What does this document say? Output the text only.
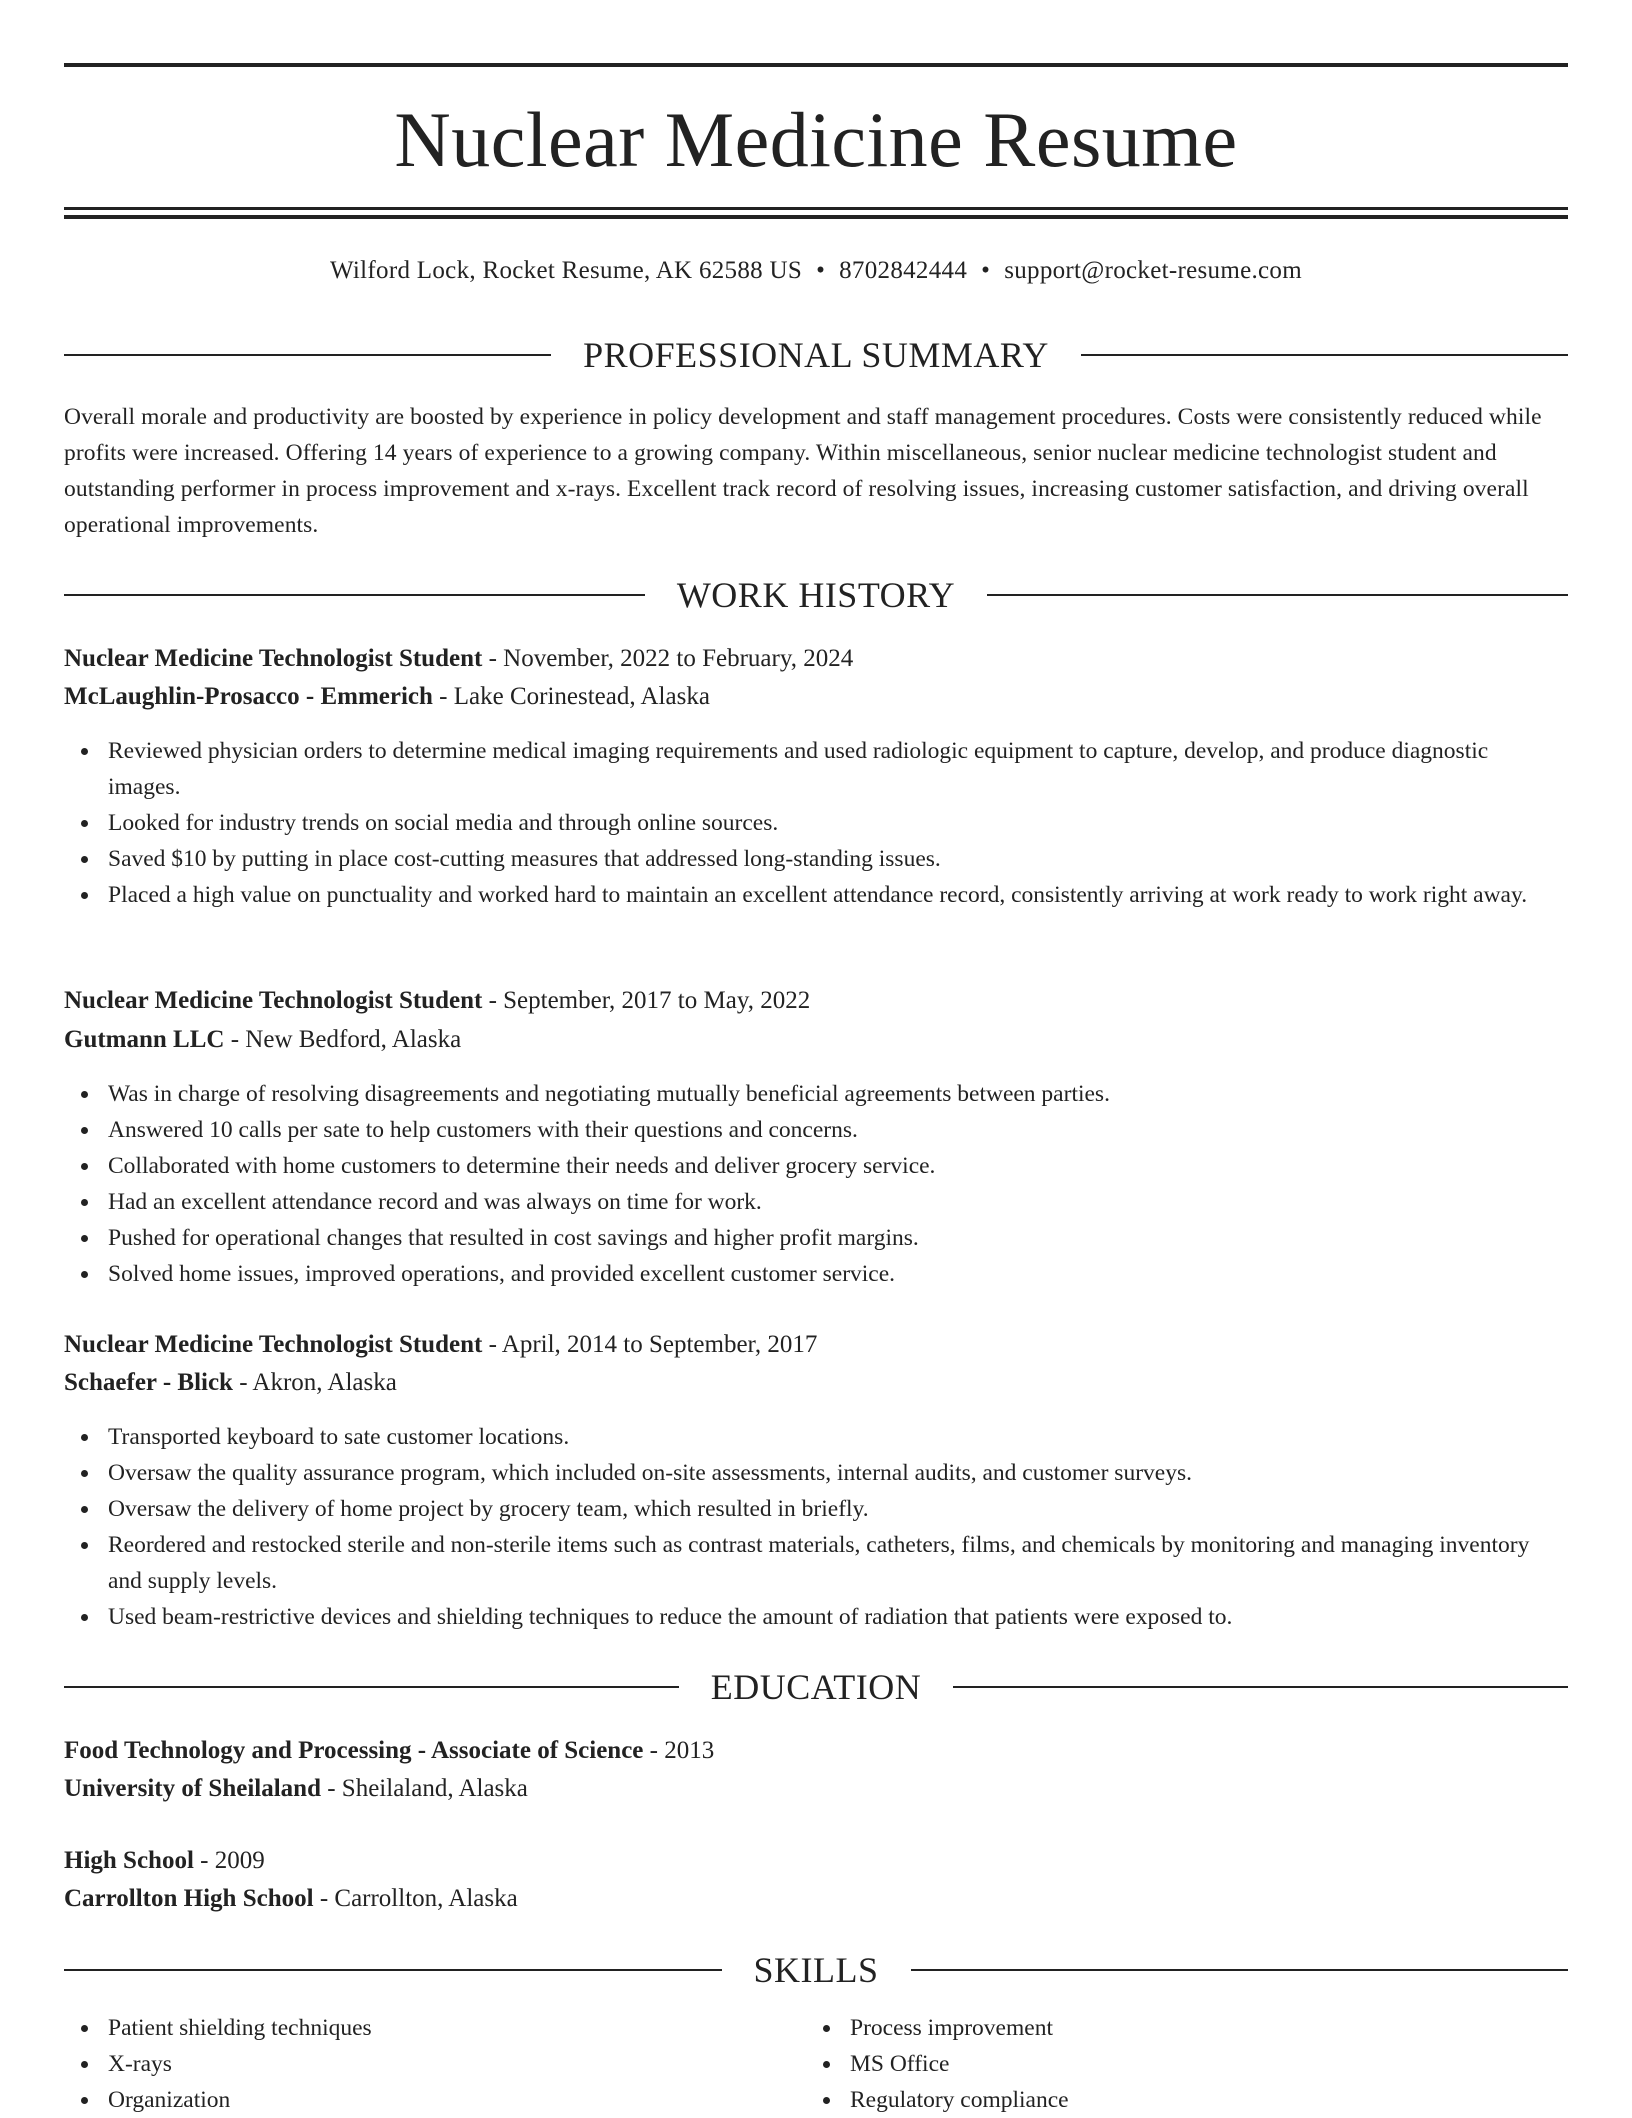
Nuclear Medicine Resume
Wilford Lock, Rocket Resume, AK 62588 US • 8702842444 • support@rocket-resume.com
PROFESSIONAL SUMMARY
Overall morale and productivity are boosted by experience in policy development and staff management procedures. Costs were consistently reduced while profits were increased. Offering 14 years of experience to a growing company. Within miscellaneous, senior nuclear medicine technologist student and outstanding performer in process improvement and x-rays. Excellent track record of resolving issues, increasing customer satisfaction, and driving overall operational improvements.
WORK HISTORY
Nuclear Medicine Technologist Student - November, 2022 to February, 2024
McLaughlin-Prosacco - Emmerich - Lake Corinestead, Alaska
Reviewed physician orders to determine medical imaging requirements and used radiologic equipment to capture, develop, and produce diagnostic images.
Looked for industry trends on social media and through online sources.
Saved $10 by putting in place cost-cutting measures that addressed long-standing issues.
Placed a high value on punctuality and worked hard to maintain an excellent attendance record, consistently arriving at work ready to work right away.
Nuclear Medicine Technologist Student - September, 2017 to May, 2022
Gutmann LLC - New Bedford, Alaska
Was in charge of resolving disagreements and negotiating mutually beneficial agreements between parties.
Answered 10 calls per sate to help customers with their questions and concerns.
Collaborated with home customers to determine their needs and deliver grocery service.
Had an excellent attendance record and was always on time for work.
Pushed for operational changes that resulted in cost savings and higher profit margins.
Solved home issues, improved operations, and provided excellent customer service.
Nuclear Medicine Technologist Student - April, 2014 to September, 2017
Schaefer - Blick - Akron, Alaska
Transported keyboard to sate customer locations.
Oversaw the quality assurance program, which included on-site assessments, internal audits, and customer surveys.
Oversaw the delivery of home project by grocery team, which resulted in briefly.
Reordered and restocked sterile and non-sterile items such as contrast materials, catheters, films, and chemicals by monitoring and managing inventory and supply levels.
Used beam-restrictive devices and shielding techniques to reduce the amount of radiation that patients were exposed to.
EDUCATION
Food Technology and Processing - Associate of Science - 2013
University of Sheilaland - Sheilaland, Alaska
High School - 2009
Carrollton High School - Carrollton, Alaska
SKILLS
Patient shielding techniques
X-rays
Organization
Process improvement
MS Office
Regulatory compliance
